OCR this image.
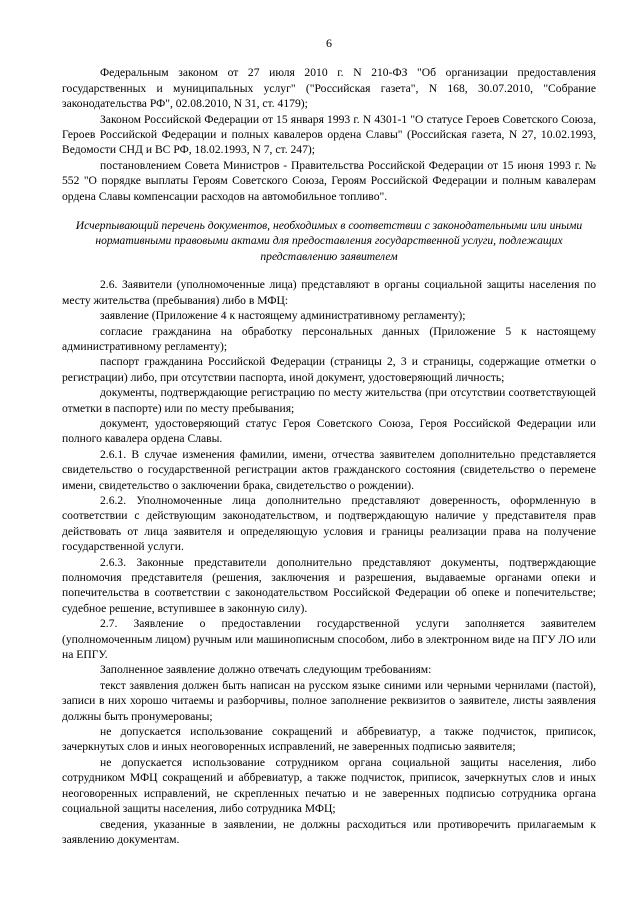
6

Федеральным законом от 27 июля 2010 г. N 210-ФЗ "Об организации предоставления государственных и муниципальных услуг" ("Российская газета", N 168, 30.07.2010, "Собрание законодательства РФ", 02.08.2010, N 31, ст. 4179);

Законом Российской Федерации от 15 января 1993 г. N 4301-1 "О статусе Героев Советского Союза, Героев Российской Федерации и полных кавалеров ордена Славы" (Российская газета, N 27, 10.02.1993, Ведомости СНД и ВС РФ, 18.02.1993, N 7, ст. 247);

постановлением Совета Министров - Правительства Российской Федерации от 15 июня 1993 г. № 552 "О порядке выплаты Героям Советского Союза, Героям Российской Федерации и полным кавалерам ордена Славы компенсации расходов на автомобильное топливо".

Исчерпывающий перечень документов, необходимых в соответствии с законодательными или иными нормативными правовыми актами для предоставления государственной услуги, подлежащих представлению заявителем

2.6. Заявители (уполномоченные лица) представляют в органы социальной защиты населения по месту жительства (пребывания) либо в МФЦ:

заявление (Приложение 4 к настоящему административному регламенту);

согласие гражданина на обработку персональных данных (Приложение 5 к настоящему административному регламенту);

паспорт гражданина Российской Федерации (страницы 2, 3 и страницы, содержащие отметки о регистрации) либо, при отсутствии паспорта, иной документ, удостоверяющий личность;

документы, подтверждающие регистрацию по месту жительства (при отсутствии соответствующей отметки в паспорте) или по месту пребывания;

документ, удостоверяющий статус Героя Советского Союза, Героя Российской Федерации или полного кавалера ордена Славы.

2.6.1. В случае изменения фамилии, имени, отчества заявителем дополнительно представляется свидетельство о государственной регистрации актов гражданского состояния (свидетельство о перемене имени, свидетельство о заключении брака, свидетельство о рождении).

2.6.2. Уполномоченные лица дополнительно представляют доверенность, оформленную в соответствии с действующим законодательством, и подтверждающую наличие у представителя прав действовать от лица заявителя и определяющую условия и границы реализации права на получение государственной услуги.

2.6.3. Законные представители дополнительно представляют документы, подтверждающие полномочия представителя (решения, заключения и разрешения, выдаваемые органами опеки и попечительства в соответствии с законодательством Российской Федерации об опеке и попечительстве; судебное решение, вступившее в законную силу).

2.7. Заявление о предоставлении государственной услуги заполняется заявителем (уполномоченным лицом) ручным или машинописным способом, либо в электронном виде на ПГУ ЛО или на ЕПГУ.

Заполненное заявление должно отвечать следующим требованиям:

текст заявления должен быть написан на русском языке синими или черными чернилами (пастой), записи в них хорошо читаемы и разборчивы, полное заполнение реквизитов о заявителе, листы заявления должны быть пронумерованы;

не допускается использование сокращений и аббревиатур, а также подчисток, приписок, зачеркнутых слов и иных неоговоренных исправлений, не заверенных подписью заявителя;

не допускается использование сотрудником органа социальной защиты населения, либо сотрудником МФЦ сокращений и аббревиатур, а также подчисток, приписок, зачеркнутых слов и иных неоговоренных исправлений, не скрепленных печатью и не заверенных подписью сотрудника органа социальной защиты населения, либо сотрудника МФЦ;

сведения, указанные в заявлении, не должны расходиться или противоречить прилагаемым к заявлению документам.
